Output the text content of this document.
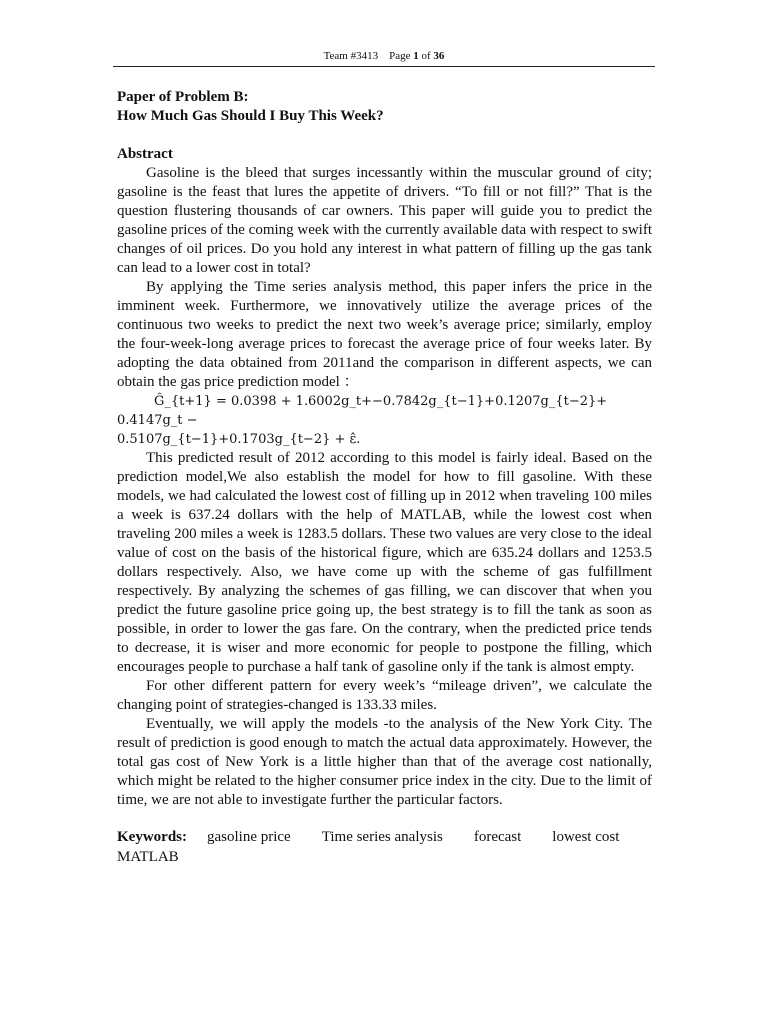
Team #3413 Page 1 of 36
Paper of Problem B:
How Much Gas Should I Buy This Week?
Abstract

Gasoline is the bleed that surges incessantly within the muscular ground of city; gasoline is the feast that lures the appetite of drivers. “To fill or not fill?” That is the question flustering thousands of car owners. This paper will guide you to predict the gasoline prices of the coming week with the currently available data with respect to swift changes of oil prices. Do you hold any interest in what pattern of filling up the gas tank can lead to a lower cost in total?

By applying the Time series analysis method, this paper infers the price in the imminent week. Furthermore, we innovatively utilize the average prices of the continuous two weeks to predict the next two week’s average price; similarly, employ the four-week-long average prices to forecast the average price of four weeks later. By adopting the data obtained from 2011and the comparison in different aspects, we can obtain the gas price prediction model ：

Ĝ_{t+1} = 0.0398 + 1.6002g_t+−0.7842g_{t−1}+0.1207g_{t−2}+ 0.4147g_t −
0.5107g_{t−1}+0.1703g_{t−2} + ε̂.

This predicted result of 2012 according to this model is fairly ideal. Based on the prediction model,We also establish the model for how to fill gasoline. With these models, we had calculated the lowest cost of filling up in 2012 when traveling 100 miles a week is 637.24 dollars with the help of MATLAB, while the lowest cost when traveling 200 miles a week is 1283.5 dollars. These two values are very close to the ideal value of cost on the basis of the historical figure, which are 635.24 dollars and 1253.5 dollars respectively. Also, we have come up with the scheme of gas fulfillment respectively. By analyzing the schemes of gas filling, we can discover that when you predict the future gasoline price going up, the best strategy is to fill the tank as soon as possible, in order to lower the gas fare. On the contrary, when the predicted price tends to decrease, it is wiser and more economic for people to postpone the filling, which encourages people to purchase a half tank of gasoline only if the tank is almost empty.

For other different pattern for every week’s “mileage driven”, we calculate the changing point of strategies-changed is 133.33 miles.

Eventually, we will apply the models -to the analysis of the New York City. The result of prediction is good enough to match the actual data approximately. However, the total gas cost of New York is a little higher than that of the average cost nationally, which might be related to the higher consumer price index in the city. Due to the limit of time, we are not able to investigate further the particular factors.

Keywords: gasoline price Time series analysis forecast lowest cost
MATLAB
